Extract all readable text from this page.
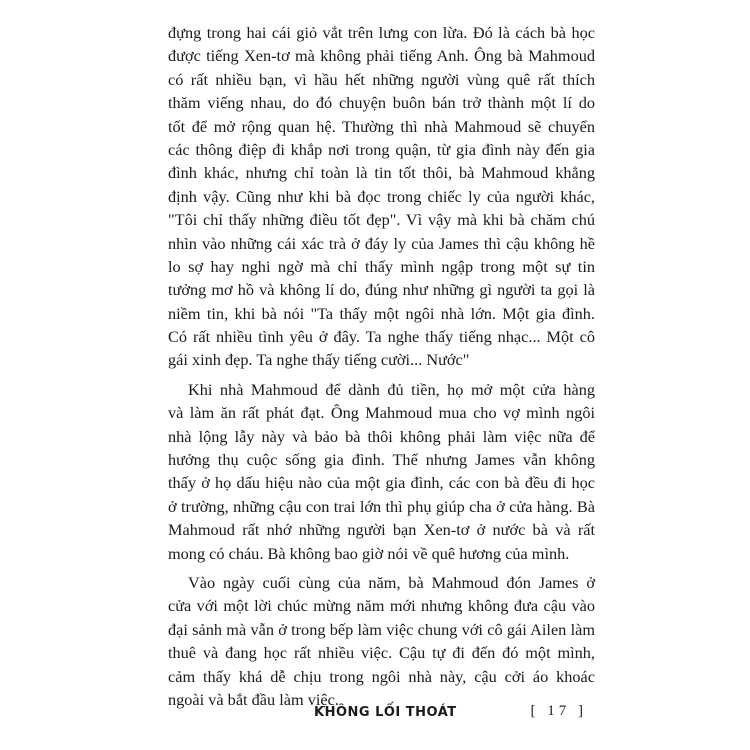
đựng trong hai cái giỏ vắt trên lưng con lừa. Đó là cách bà học
được tiếng Xen-tơ mà không phải tiếng Anh. Ông bà Mahmoud
có rất nhiều bạn, vì hầu hết những người vùng quê rất thích
thăm viếng nhau, do đó chuyện buôn bán trở thành một lí do
tốt để mở rộng quan hệ. Thường thì nhà Mahmoud sẽ chuyển
các thông điệp đi khắp nơi trong quận, từ gia đình này đến gia
đình khác, nhưng chỉ toàn là tin tốt thôi, bà Mahmoud khẳng
định vậy. Cũng như khi bà đọc trong chiếc ly của người khác,
"Tôi chỉ thấy những điều tốt đẹp". Vì vậy mà khi bà chăm chú
nhìn vào những cái xác trà ở đáy ly của James thì cậu không hề
lo sợ hay nghi ngờ mà chỉ thấy mình ngập trong một sự tin
tưởng mơ hồ và không lí do, đúng như những gì người ta gọi là
niềm tin, khi bà nói "Ta thấy một ngôi nhà lớn. Một gia đình.
Có rất nhiều tình yêu ở đây. Ta nghe thấy tiếng nhạc... Một cô
gái xinh đẹp. Ta nghe thấy tiếng cười... Nước"
Khi nhà Mahmoud để dành đủ tiền, họ mở một cửa hàng
và làm ăn rất phát đạt. Ông Mahmoud mua cho vợ mình ngôi
nhà lộng lẫy này và bảo bà thôi không phải làm việc nữa để
hưởng thụ cuộc sống gia đình. Thế nhưng James vẫn không
thấy ở họ dấu hiệu nào của một gia đình, các con bà đều đi học
ở trường, những cậu con trai lớn thì phụ giúp cha ở cửa hàng. Bà
Mahmoud rất nhớ những người bạn Xen-tơ ở nước bà và rất
mong có cháu. Bà không bao giờ nói về quê hương của mình.
Vào ngày cuối cùng của năm, bà Mahmoud đón James ở
cửa với một lời chúc mừng năm mới nhưng không đưa cậu vào
đại sảnh mà vẫn ở trong bếp làm việc chung với cô gái Ailen làm
thuê và đang học rất nhiều việc. Cậu tự đi đến đó một mình,
cảm thấy khá dễ chịu trong ngôi nhà này, cậu cởi áo khoác
ngoài và bắt đầu làm việc.
KHÔNG LỐI THOÁT	[ 17 ]
